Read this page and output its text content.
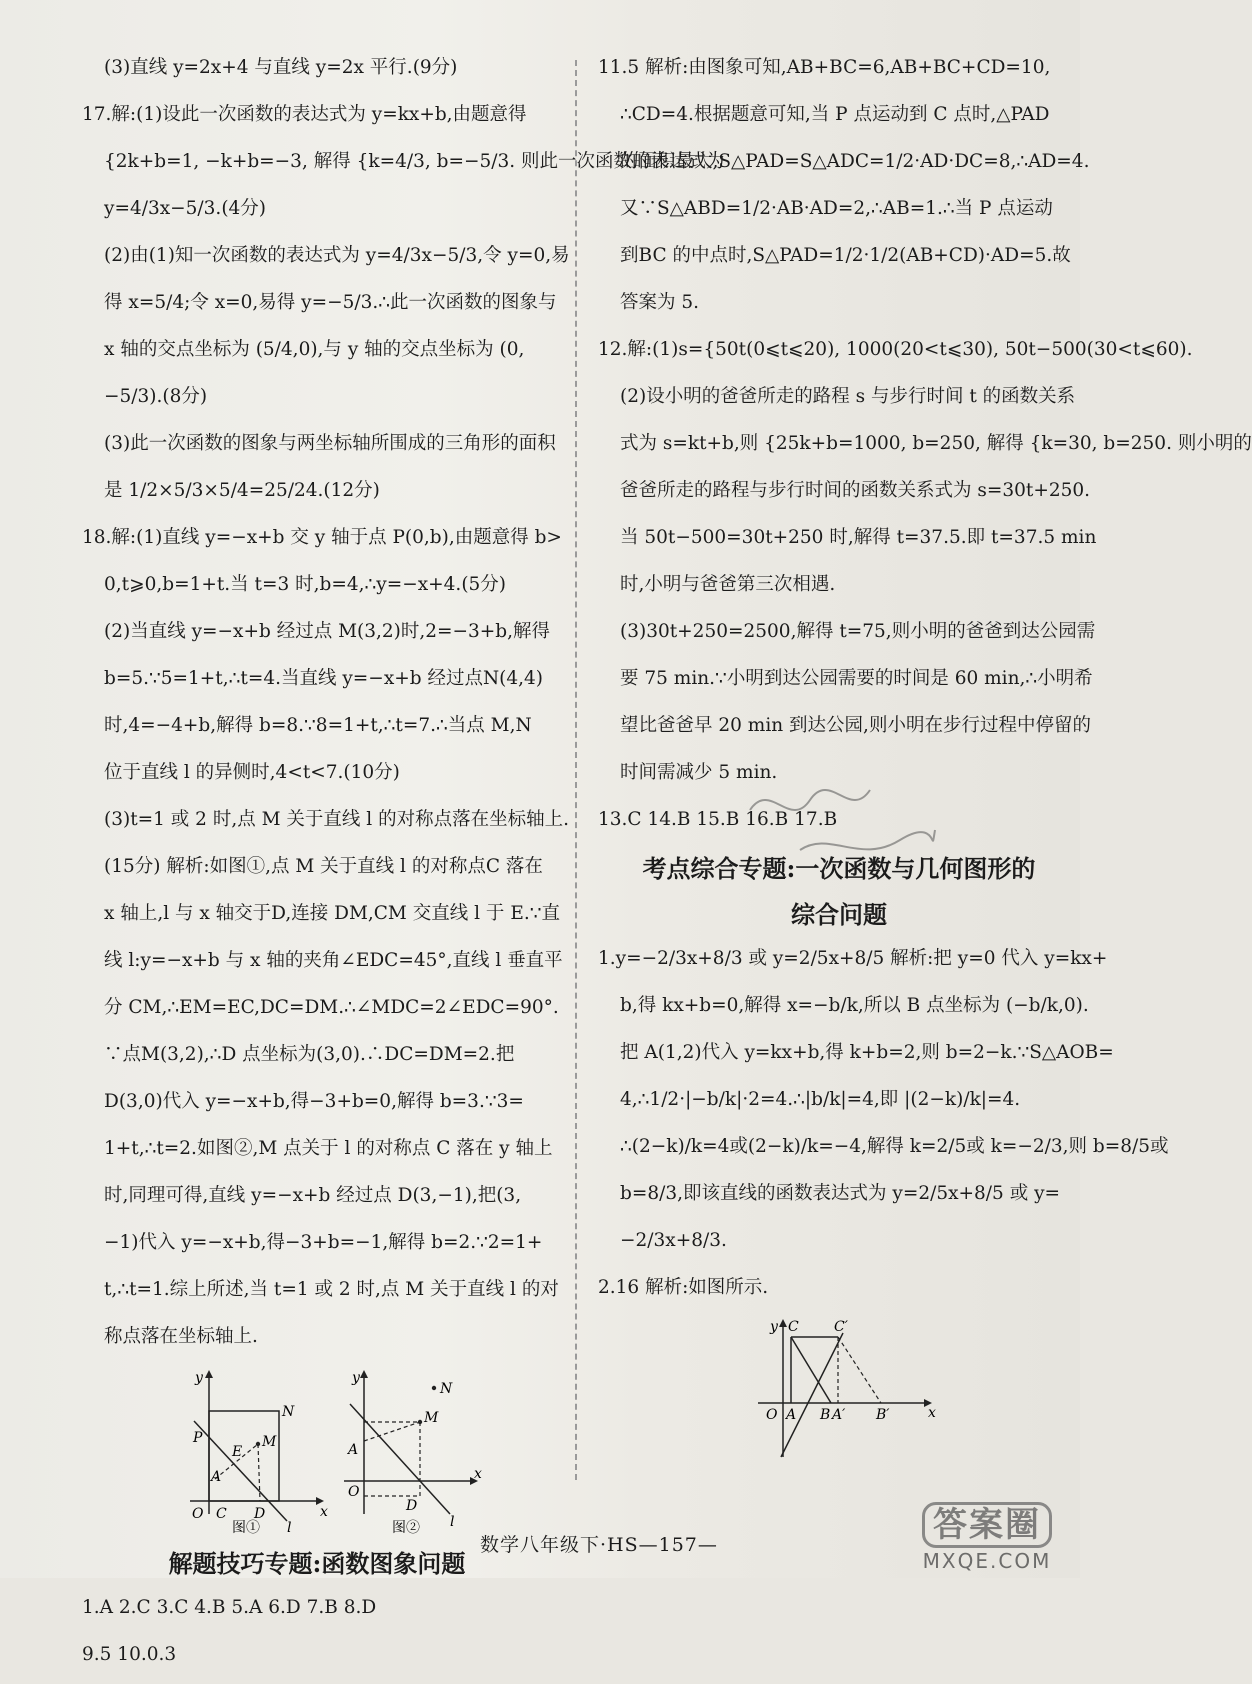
(3)直线 y=2x+4 与直线 y=2x 平行.(9分)
17.解:(1)设此一次函数的表达式为 y=kx+b,由题意得
{2k+b=1, −k+b=−3, 解得 {k=4/3, b=−5/3. 则此一次函数的表达式为
y=4/3x−5/3.(4分)
(2)由(1)知一次函数的表达式为 y=4/3x−5/3,令 y=0,易
得 x=5/4;令 x=0,易得 y=−5/3.∴此一次函数的图象与
x 轴的交点坐标为 (5/4,0),与 y 轴的交点坐标为 (0,
−5/3).(8分)
(3)此一次函数的图象与两坐标轴所围成的三角形的面积
是 1/2×5/3×5/4=25/24.(12分)
18.解:(1)直线 y=−x+b 交 y 轴于点 P(0,b),由题意得 b>
0,t⩾0,b=1+t.当 t=3 时,b=4,∴y=−x+4.(5分)
(2)当直线 y=−x+b 经过点 M(3,2)时,2=−3+b,解得
b=5.∵5=1+t,∴t=4.当直线 y=−x+b 经过点N(4,4)
时,4=−4+b,解得 b=8.∵8=1+t,∴t=7.∴当点 M,N
位于直线 l 的异侧时,4<t<7.(10分)
(3)t=1 或 2 时,点 M 关于直线 l 的对称点落在坐标轴上.
(15分) 解析:如图①,点 M 关于直线 l 的对称点C 落在
x 轴上,l 与 x 轴交于D,连接 DM,CM 交直线 l 于 E.∵直
线 l:y=−x+b 与 x 轴的夹角∠EDC=45°,直线 l 垂直平
分 CM,∴EM=EC,DC=DM.∴∠MDC=2∠EDC=90°.
∵点M(3,2),∴D 点坐标为(3,0).∴DC=DM=2.把
D(3,0)代入 y=−x+b,得−3+b=0,解得 b=3.∵3=
1+t,∴t=2.如图②,M 点关于 l 的对称点 C 落在 y 轴上
时,同理可得,直线 y=−x+b 经过点 D(3,−1),把(3,
−1)代入 y=−x+b,得−3+b=−1,解得 b=2.∵2=1+
t,∴t=1.综上所述,当 t=1 或 2 时,点 M 关于直线 l 的对
称点落在坐标轴上.
y
N
P
E
M
A
O C D	x
l
图①
y
N
M
x
O
A
D
l
图②
解题技巧专题:函数图象问题
1.A 2.C 3.C 4.B 5.A 6.D 7.B 8.D
9.5 10.0.3
11.5 解析:由图象可知,AB+BC=6,AB+BC+CD=10,
∴CD=4.根据题意可知,当 P 点运动到 C 点时,△PAD
的面积最大,S△PAD=S△ADC=1/2·AD·DC=8,∴AD=4.
又∵S△ABD=1/2·AB·AD=2,∴AB=1.∴当 P 点运动
到BC 的中点时,S△PAD=1/2·1/2(AB+CD)·AD=5.故
答案为 5.
12.解:(1)s={50t(0⩽t⩽20), 1000(20<t⩽30), 50t−500(30<t⩽60).
(2)设小明的爸爸所走的路程 s 与步行时间 t 的函数关系
式为 s=kt+b,则 {25k+b=1000, b=250, 解得 {k=30, b=250. 则小明的
爸爸所走的路程与步行时间的函数关系式为 s=30t+250.
当 50t−500=30t+250 时,解得 t=37.5.即 t=37.5 min
时,小明与爸爸第三次相遇.
(3)30t+250=2500,解得 t=75,则小明的爸爸到达公园需
要 75 min.∵小明到达公园需要的时间是 60 min,∴小明希
望比爸爸早 20 min 到达公园,则小明在步行过程中停留的
时间需减少 5 min.
13.C 14.B 15.B 16.B 17.B
考点综合专题:一次函数与几何图形的
综合问题
1.y=−2/3x+8/3 或 y=2/5x+8/5 解析:把 y=0 代入 y=kx+
b,得 kx+b=0,解得 x=−b/k,所以 B 点坐标为 (−b/k,0).
把 A(1,2)代入 y=kx+b,得 k+b=2,则 b=2−k.∵S△AOB=
4,∴1/2·|−b/k|·2=4.∴|b/k|=4,即 |(2−k)/k|=4.
∴(2−k)/k=4或(2−k)/k=−4,解得 k=2/5或 k=−2/3,则 b=8/5或
b=8/3,即该直线的函数表达式为 y=2/5x+8/5 或 y=
−2/3x+8/3.
2.16 解析:如图所示.
y C	C′
O A B A′ B′	x
数学八年级下·HS—157—	答案圈
MXQE.COM
